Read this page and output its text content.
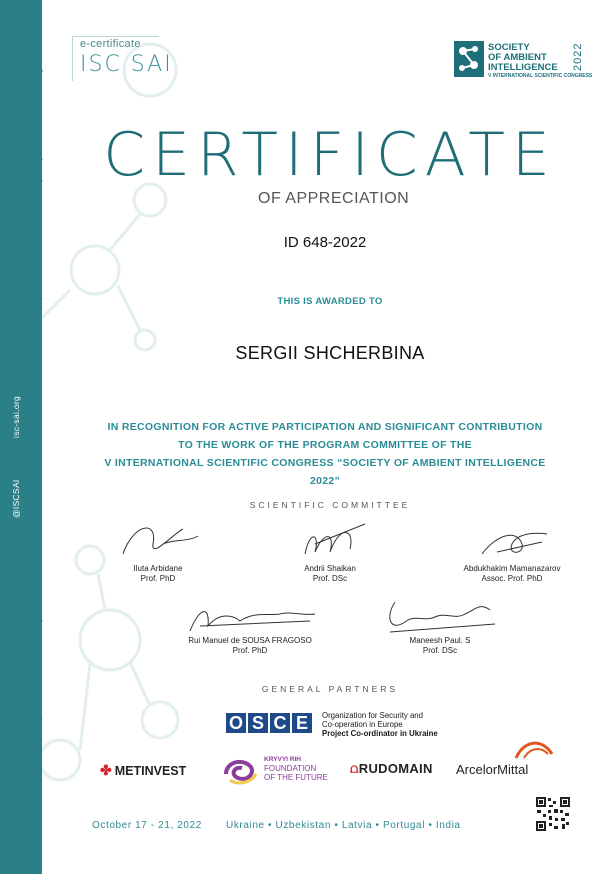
isc-sai.org
@ISCSAI
e-certificate
ISC SAI
SOCIETY
OF AMBIENT
INTELLIGENCE
V INTERNATIONAL SCIENTIFIC CONGRESS
2022
CERTIFICATE
OF APPRECIATION
ID 648-2022
THIS IS AWARDED TO
SERGII SHCHERBINA
IN RECOGNITION FOR ACTIVE PARTICIPATION AND SIGNIFICANT CONTRIBUTION
TO THE WORK OF THE PROGRAM COMMITTEE OF THE
V INTERNATIONAL SCIENTIFIC CONGRESS “SOCIETY OF AMBIENT INTELLIGENCE 2022”
SCIENTIFIC COMMITTEE
Iluta Arbidane
Prof. PhD
Andrii Shaikan
Prof. DSc
Abdukhakim Mamanazarov
Assoc. Prof. PhD
Rui Manuel de SOUSA FRAGOSO
Prof. PhD
Maneesh Paul. S
Prof. DSc
GENERAL PARTNERS
O S C E	Organization for Security and
Co-operation in Europe
Project Co-ordinator in Ukraine
✤ METINVEST
KRYVYI RIH
FOUNDATION
OF THE FUTURE
⩍RUDOMAIN ArcelorMittal
October 17 - 21, 2022 Ukraine • Uzbekistan • Latvia • Portugal • India
